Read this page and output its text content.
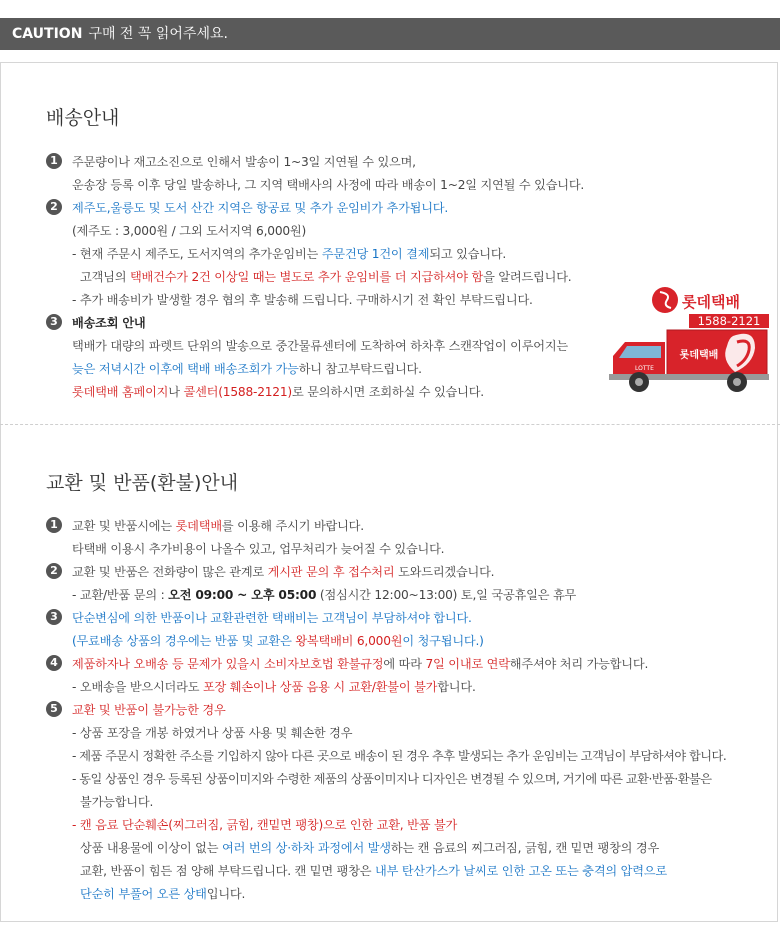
CAUTION 구매 전 꼭 읽어주세요.
배송안내
1	주문량이나 재고소진으로 인해서 발송이 1~3일 지연될 수 있으며,
운송장 등록 이후 당일 발송하나, 그 지역 택배사의 사정에 따라 배송이 1~2일 지연될 수 있습니다.
2	제주도,울릉도 및 도서 산간 지역은 항공료 및 추가 운임비가 추가됩니다.
(제주도 : 3,000원 / 그외 도서지역 6,000원)
- 현재 주문시 제주도, 도서지역의 추가운임비는 주문건당 1건이 결제되고 있습니다.
고객님의 택배건수가 2건 이상일 때는 별도로 추가 운임비를 더 지급하셔야 함을 알려드립니다.
- 추가 배송비가 발생할 경우 협의 후 발송해 드립니다. 구매하시기 전 확인 부탁드립니다.
3	배송조회 안내
택배가 대량의 파렛트 단위의 발송으로 중간물류센터에 도착하여 하차후 스캔작업이 이루어지는
늦은 저녁시간 이후에 택배 배송조회가 가능하니 참고부탁드립니다.
롯데택배 홈페이지나 콜센터(1588-2121)로 문의하시면 조회하실 수 있습니다.
롯데택배
1588-2121
롯데택배
LOTTE
교환 및 반품(환불)안내
1	교환 및 반품시에는 롯데택배를 이용해 주시기 바랍니다.
타택배 이용시 추가비용이 나올수 있고, 업무처리가 늦어질 수 있습니다.
2	교환 및 반품은 전화량이 많은 관계로 게시판 문의 후 접수처리 도와드리겠습니다.
- 교환/반품 문의 : 오전 09:00 ~ 오후 05:00 (점심시간 12:00~13:00) 토,일 국공휴일은 휴무
3	단순변심에 의한 반품이나 교환관련한 택배비는 고객님이 부담하셔야 합니다.
(무료배송 상품의 경우에는 반품 및 교환은 왕복택배비 6,000원이 청구됩니다.)
4	제품하자나 오배송 등 문제가 있을시 소비자보호법 환불규정에 따라 7일 이내로 연락해주셔야 처리 가능합니다.
- 오배송을 받으시더라도 포장 훼손이나 상품 음용 시 교환/환불이 불가합니다.
5	교환 및 반품이 불가능한 경우
- 상품 포장을 개봉 하였거나 상품 사용 및 훼손한 경우
- 제품 주문시 정확한 주소를 기입하지 않아 다른 곳으로 배송이 된 경우 추후 발생되는 추가 운임비는 고객님이 부담하셔야 합니다.
- 동일 상품인 경우 등록된 상품이미지와 수령한 제품의 상품이미지나 디자인은 변경될 수 있으며, 거기에 따른 교환·반품·환불은
불가능합니다.
- 캔 음료 단순훼손(찌그러짐, 긁힘, 캔밑면 팽창)으로 인한 교환, 반품 불가
상품 내용물에 이상이 없는 여러 번의 상·하차 과정에서 발생하는 캔 음료의 찌그러짐, 긁힘, 캔 밑면 팽창의 경우
교환, 반품이 힘든 점 양해 부탁드립니다. 캔 밑면 팽창은 내부 탄산가스가 날씨로 인한 고온 또는 충격의 압력으로
단순히 부풀어 오른 상태입니다.
